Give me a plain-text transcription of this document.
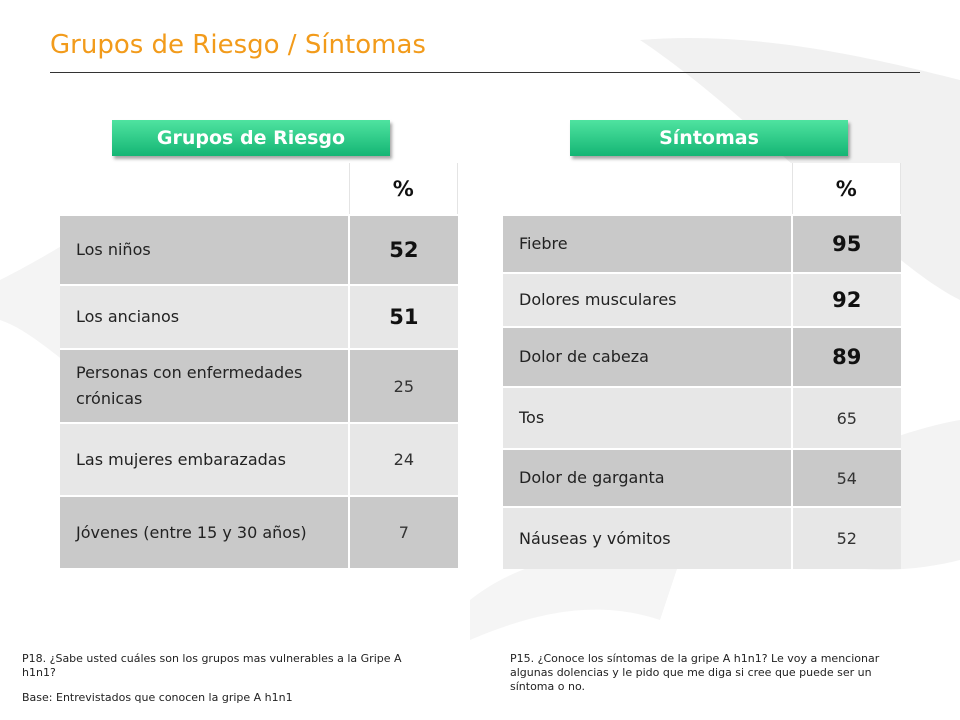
Grupos de Riesgo / Síntomas
Grupos de Riesgo	Síntomas
	%
Los niños	52
Los ancianos	51
Personas con enfermedades crónicas	25
Las mujeres embarazadas	24
Jóvenes (entre 15 y 30 años)	7
	%
Fiebre	95
Dolores musculares	92
Dolor de cabeza	89
Tos	65
Dolor de garganta	54
Náuseas y vómitos	52

P18. ¿Sabe usted cuáles son los grupos mas vulnerables a la Gripe A h1n1?

Base: Entrevistados que conocen la gripe A h1n1

P15. ¿Conoce los síntomas de la gripe A h1n1? Le voy a mencionar algunas dolencias y le pido que me diga si cree que puede ser un síntoma o no.
